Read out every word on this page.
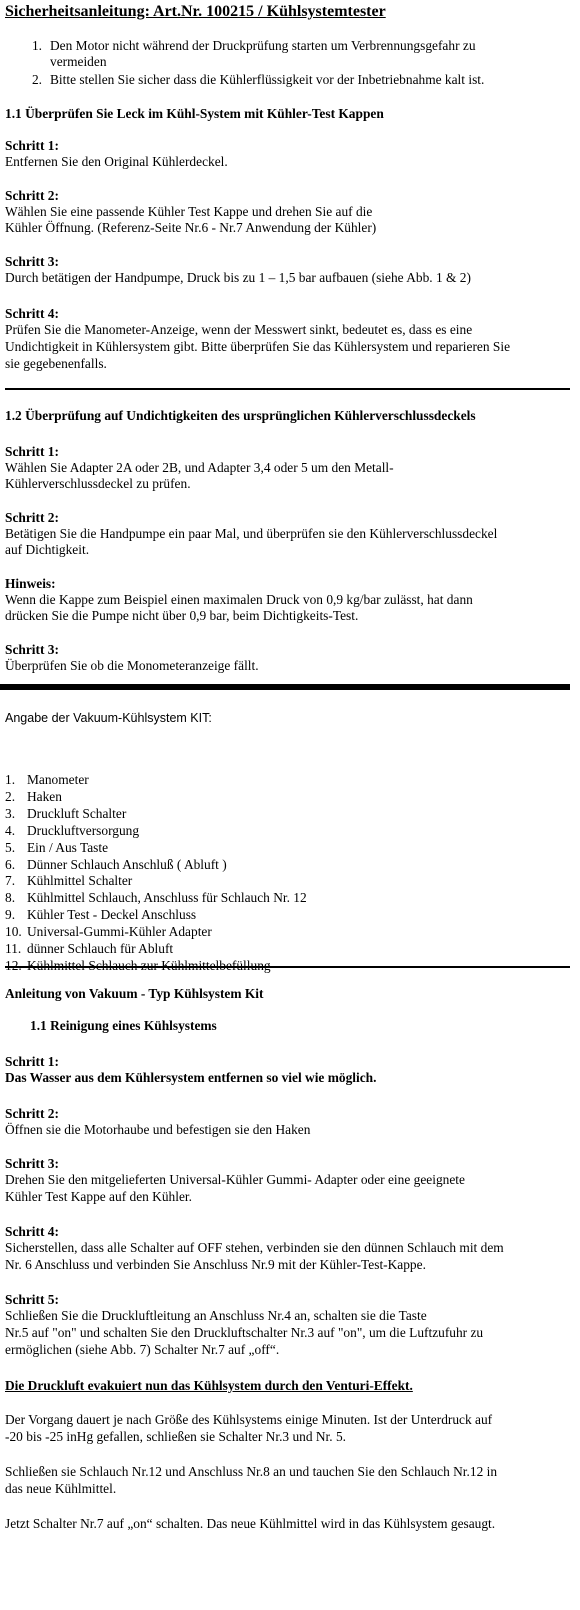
Sicherheitsanleitung: Art.Nr. 100215 / Kühlsystemtester

1. Den Motor nicht während der Druckprüfung starten um Verbrennungsgefahr zu
vermeiden
2. Bitte stellen Sie sicher dass die Kühlerflüssigkeit vor der Inbetriebnahme kalt ist.

1.1 Überprüfen Sie Leck im Kühl-System mit Kühler-Test Kappen

Schritt 1:

Entfernen Sie den Original Kühlerdeckel.

Schritt 2:

Wählen Sie eine passende Kühler Test Kappe und drehen Sie auf die

Kühler Öffnung. (Referenz-Seite Nr.6 - Nr.7 Anwendung der Kühler)

Schritt 3:

Durch betätigen der Handpumpe, Druck bis zu 1 – 1,5 bar aufbauen (siehe Abb. 1 & 2)

Schritt 4:

Prüfen Sie die Manometer-Anzeige, wenn der Messwert sinkt, bedeutet es, dass es eine

Undichtigkeit in Kühlersystem gibt. Bitte überprüfen Sie das Kühlersystem und reparieren Sie

sie gegebenenfalls.

1.2 Überprüfung auf Undichtigkeiten des ursprünglichen Kühlerverschlussdeckels

Schritt 1:

Wählen Sie Adapter 2A oder 2B, und Adapter 3,4 oder 5 um den Metall-

Kühlerverschlussdeckel zu prüfen.

Schritt 2:

Betätigen Sie die Handpumpe ein paar Mal, und überprüfen sie den Kühlerverschlussdeckel

auf Dichtigkeit.

Hinweis:

Wenn die Kappe zum Beispiel einen maximalen Druck von 0,9 kg/bar zulässt, hat dann

drücken Sie die Pumpe nicht über 0,9 bar, beim Dichtigkeits-Test.

Schritt 3:

Überprüfen Sie ob die Monometeranzeige fällt.

Angabe der Vakuum-Kühlsystem KIT:

1. Manometer
2. Haken
3. Druckluft Schalter
4. Druckluftversorgung
5. Ein / Aus Taste
6. Dünner Schlauch Anschluß ( Abluft )
7. Kühlmittel Schalter
8. Kühlmittel Schlauch, Anschluss für Schlauch Nr. 12
9. Kühler Test - Deckel Anschluss
10. Universal-Gummi-Kühler Adapter
11. dünner Schlauch für Abluft

Anleitung von Vakuum - Typ Kühlsystem Kit

1.1 Reinigung eines Kühlsystems

Schritt 1:

Das Wasser aus dem Kühlersystem entfernen so viel wie möglich.

Schritt 2:

Öffnen sie die Motorhaube und befestigen sie den Haken

Schritt 3:

Drehen Sie den mitgelieferten Universal-Kühler Gummi- Adapter oder eine geeignete

Kühler Test Kappe auf den Kühler.

Schritt 4:

Sicherstellen, dass alle Schalter auf OFF stehen, verbinden sie den dünnen Schlauch mit dem

Nr. 6 Anschluss und verbinden Sie Anschluss Nr.9 mit der Kühler-Test-Kappe.

Schritt 5:

Schließen Sie die Druckluftleitung an Anschluss Nr.4 an, schalten sie die Taste

Nr.5 auf "on" und schalten Sie den Druckluftschalter Nr.3 auf "on", um die Luftzufuhr zu

ermöglichen (siehe Abb. 7) Schalter Nr.7 auf „off“.

Die Druckluft evakuiert nun das Kühlsystem durch den Venturi-Effekt.

Der Vorgang dauert je nach Größe des Kühlsystems einige Minuten. Ist der Unterdruck auf

-20 bis -25 inHg gefallen, schließen sie Schalter Nr.3 und Nr. 5.

Schließen sie Schlauch Nr.12 und Anschluss Nr.8 an und tauchen Sie den Schlauch Nr.12 in

das neue Kühlmittel.

Jetzt Schalter Nr.7 auf „on“ schalten. Das neue Kühlmittel wird in das Kühlsystem gesaugt.
